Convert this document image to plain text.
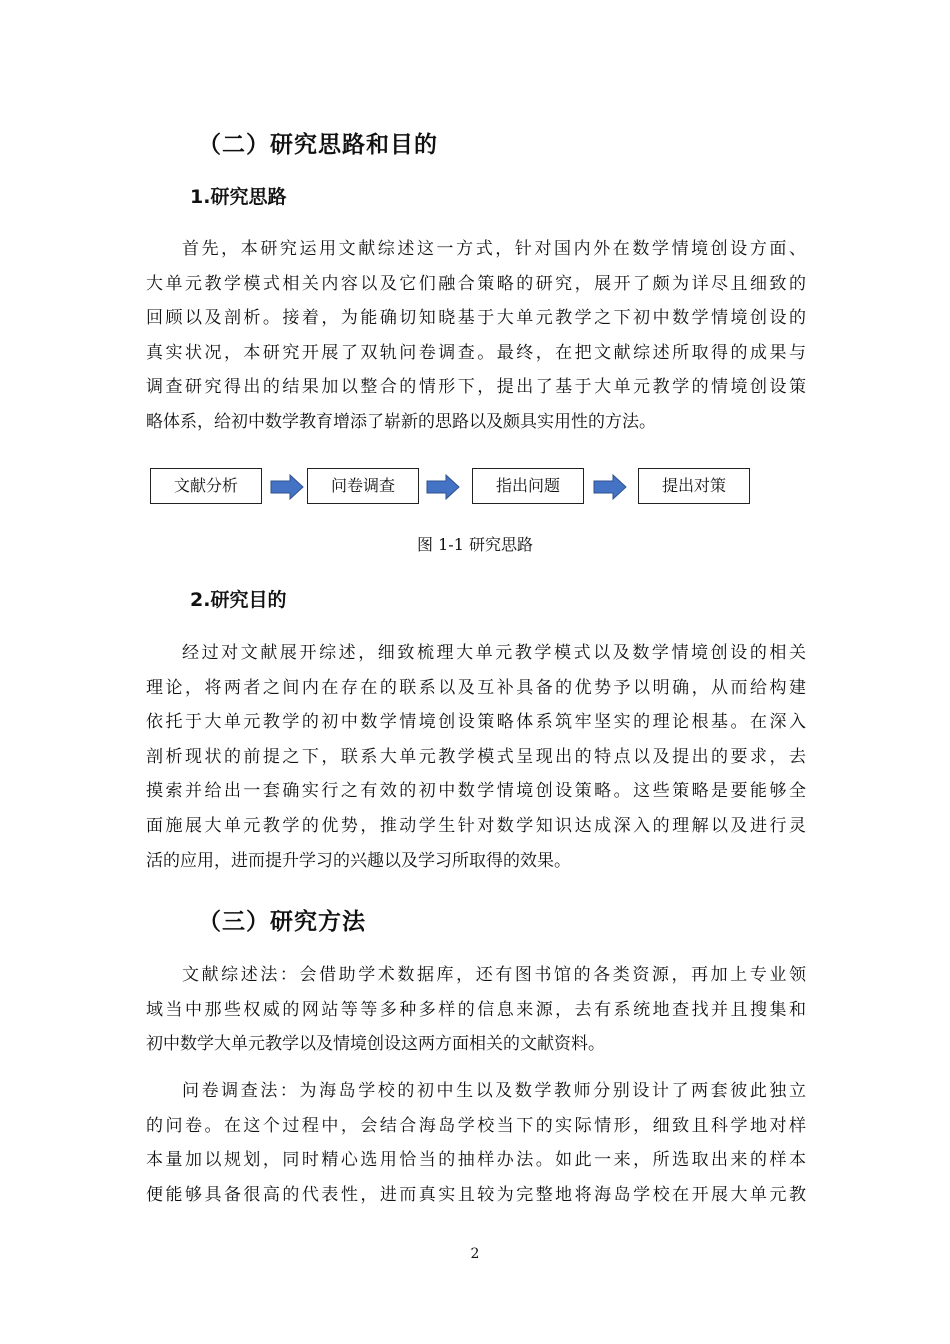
（二）研究思路和目的
1.研究思路

首先，本研究运用文献综述这一方式，针对国内外在数学情境创设方面、
大单元教学模式相关内容以及它们融合策略的研究，展开了颇为详尽且细致的
回顾以及剖析。接着，为能确切知晓基于大单元教学之下初中数学情境创设的
真实状况，本研究开展了双轨问卷调查。最终，在把文献综述所取得的成果与
调查研究得出的结果加以整合的情形下，提出了基于大单元教学的情境创设策
略体系，给初中数学教育增添了崭新的思路以及颇具实用性的方法。

文献分析	问卷调查	指出问题	提出对策
图 1-1 研究思路
2.研究目的

经过对文献展开综述，细致梳理大单元教学模式以及数学情境创设的相关
理论，将两者之间内在存在的联系以及互补具备的优势予以明确，从而给构建
依托于大单元教学的初中数学情境创设策略体系筑牢坚实的理论根基。在深入
剖析现状的前提之下，联系大单元教学模式呈现出的特点以及提出的要求，去
摸索并给出一套确实行之有效的初中数学情境创设策略。这些策略是要能够全
面施展大单元教学的优势，推动学生针对数学知识达成深入的理解以及进行灵
活的应用，进而提升学习的兴趣以及学习所取得的效果。

（三）研究方法

文献综述法：会借助学术数据库，还有图书馆的各类资源，再加上专业领
域当中那些权威的网站等等多种多样的信息来源，去有系统地查找并且搜集和
初中数学大单元教学以及情境创设这两方面相关的文献资料。

问卷调查法：为海岛学校的初中生以及数学教师分别设计了两套彼此独立
的问卷。在这个过程中，会结合海岛学校当下的实际情形，细致且科学地对样
本量加以规划，同时精心选用恰当的抽样办法。如此一来，所选取出来的样本
便能够具备很高的代表性，进而真实且较为完整地将海岛学校在开展大单元教

2
